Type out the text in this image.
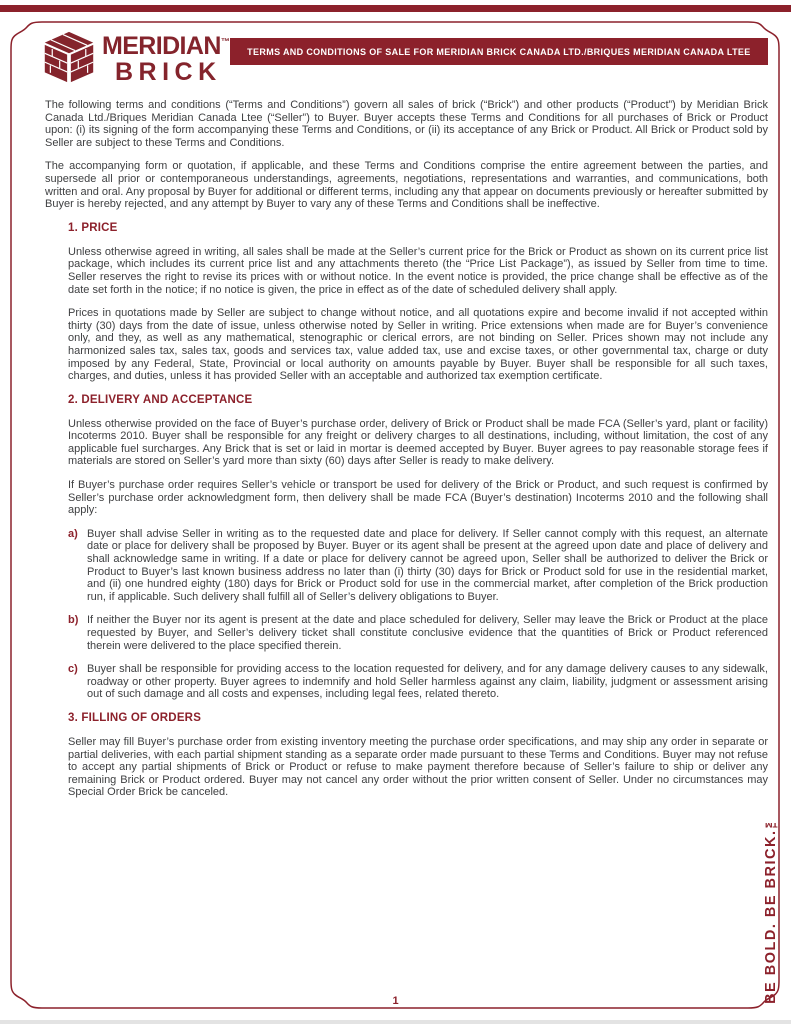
MERIDIAN™
BRICK
TERMS AND CONDITIONS OF SALE FOR MERIDIAN BRICK CANADA LTD./BRIQUES MERIDIAN CANADA LTEE

The following terms and conditions (“Terms and Conditions”) govern all sales of brick (“Brick”) and other products (“Product”) by Meridian Brick Canada Ltd./Briques Meridian Canada Ltee (“Seller”) to Buyer. Buyer accepts these Terms and Conditions for all purchases of Brick or Product upon: (i) its signing of the form accompanying these Terms and Conditions, or (ii) its acceptance of any Brick or Product. All Brick or Product sold by Seller are subject to these Terms and Conditions.

The accompanying form or quotation, if applicable, and these Terms and Conditions comprise the entire agreement between the parties, and supersede all prior or contemporaneous understandings, agreements, negotiations, representations and warranties, and communications, both written and oral. Any proposal by Buyer for additional or different terms, including any that appear on documents previously or hereafter submitted by Buyer is hereby rejected, and any attempt by Buyer to vary any of these Terms and Conditions shall be ineffective.

1. PRICE

Unless otherwise agreed in writing, all sales shall be made at the Seller’s current price for the Brick or Product as shown on its current price list package, which includes its current price list and any attachments thereto (the “Price List Package”), as issued by Seller from time to time. Seller reserves the right to revise its prices with or without notice. In the event notice is provided, the price change shall be effective as of the date set forth in the notice; if no notice is given, the price in effect as of the date of scheduled delivery shall apply.

Prices in quotations made by Seller are subject to change without notice, and all quotations expire and become invalid if not accepted within thirty (30) days from the date of issue, unless otherwise noted by Seller in writing. Price extensions when made are for Buyer’s convenience only, and they, as well as any mathematical, stenographic or clerical errors, are not binding on Seller. Prices shown may not include any harmonized sales tax, sales tax, goods and services tax, value added tax, use and excise taxes, or other governmental tax, charge or duty imposed by any Federal, State, Provincial or local authority on amounts payable by Buyer. Buyer shall be responsible for all such taxes, charges, and duties, unless it has provided Seller with an acceptable and authorized tax exemption certificate.

2. DELIVERY AND ACCEPTANCE

Unless otherwise provided on the face of Buyer’s purchase order, delivery of Brick or Product shall be made FCA (Seller’s yard, plant or facility) Incoterms 2010. Buyer shall be responsible for any freight or delivery charges to all destinations, including, without limitation, the cost of any applicable fuel surcharges. Any Brick that is set or laid in mortar is deemed accepted by Buyer. Buyer agrees to pay reasonable storage fees if materials are stored on Seller’s yard more than sixty (60) days after Seller is ready to make delivery.

If Buyer’s purchase order requires Seller’s vehicle or transport be used for delivery of the Brick or Product, and such request is confirmed by Seller’s purchase order acknowledgment form, then delivery shall be made FCA (Buyer’s destination) Incoterms 2010 and the following shall apply:

a) Buyer shall advise Seller in writing as to the requested date and place for delivery. If Seller cannot comply with this request, an alternate date or place for delivery shall be proposed by Buyer. Buyer or its agent shall be present at the agreed upon date and place of delivery and shall acknowledge same in writing. If a date or place for delivery cannot be agreed upon, Seller shall be authorized to deliver the Brick or Product to Buyer’s last known business address no later than (i) thirty (30) days for Brick or Product sold for use in the residential market, and (ii) one hundred eighty (180) days for Brick or Product sold for use in the commercial market, after completion of the Brick production run, if applicable. Such delivery shall fulfill all of Seller’s delivery obligations to Buyer.
b) If neither the Buyer nor its agent is present at the date and place scheduled for delivery, Seller may leave the Brick or Product at the place requested by Buyer, and Seller’s delivery ticket shall constitute conclusive evidence that the quantities of Brick or Product referenced therein were delivered to the place specified therein.
c) Buyer shall be responsible for providing access to the location requested for delivery, and for any damage delivery causes to any sidewalk, roadway or other property. Buyer agrees to indemnify and hold Seller harmless against any claim, liability, judgment or assessment arising out of such damage and all costs and expenses, including legal fees, related thereto.
3. FILLING OF ORDERS

Seller may fill Buyer’s purchase order from existing inventory meeting the purchase order specifications, and may ship any order in separate or partial deliveries, with each partial shipment standing as a separate order made pursuant to these Terms and Conditions. Buyer may not refuse to accept any partial shipments of Brick or Product or refuse to make payment therefore because of Seller’s failure to ship or deliver any remaining Brick or Product ordered. Buyer may not cancel any order without the prior written consent of Seller. Under no circumstances may Special Order Brick be canceled.

BE BOLD. BE BRICK.™
1
